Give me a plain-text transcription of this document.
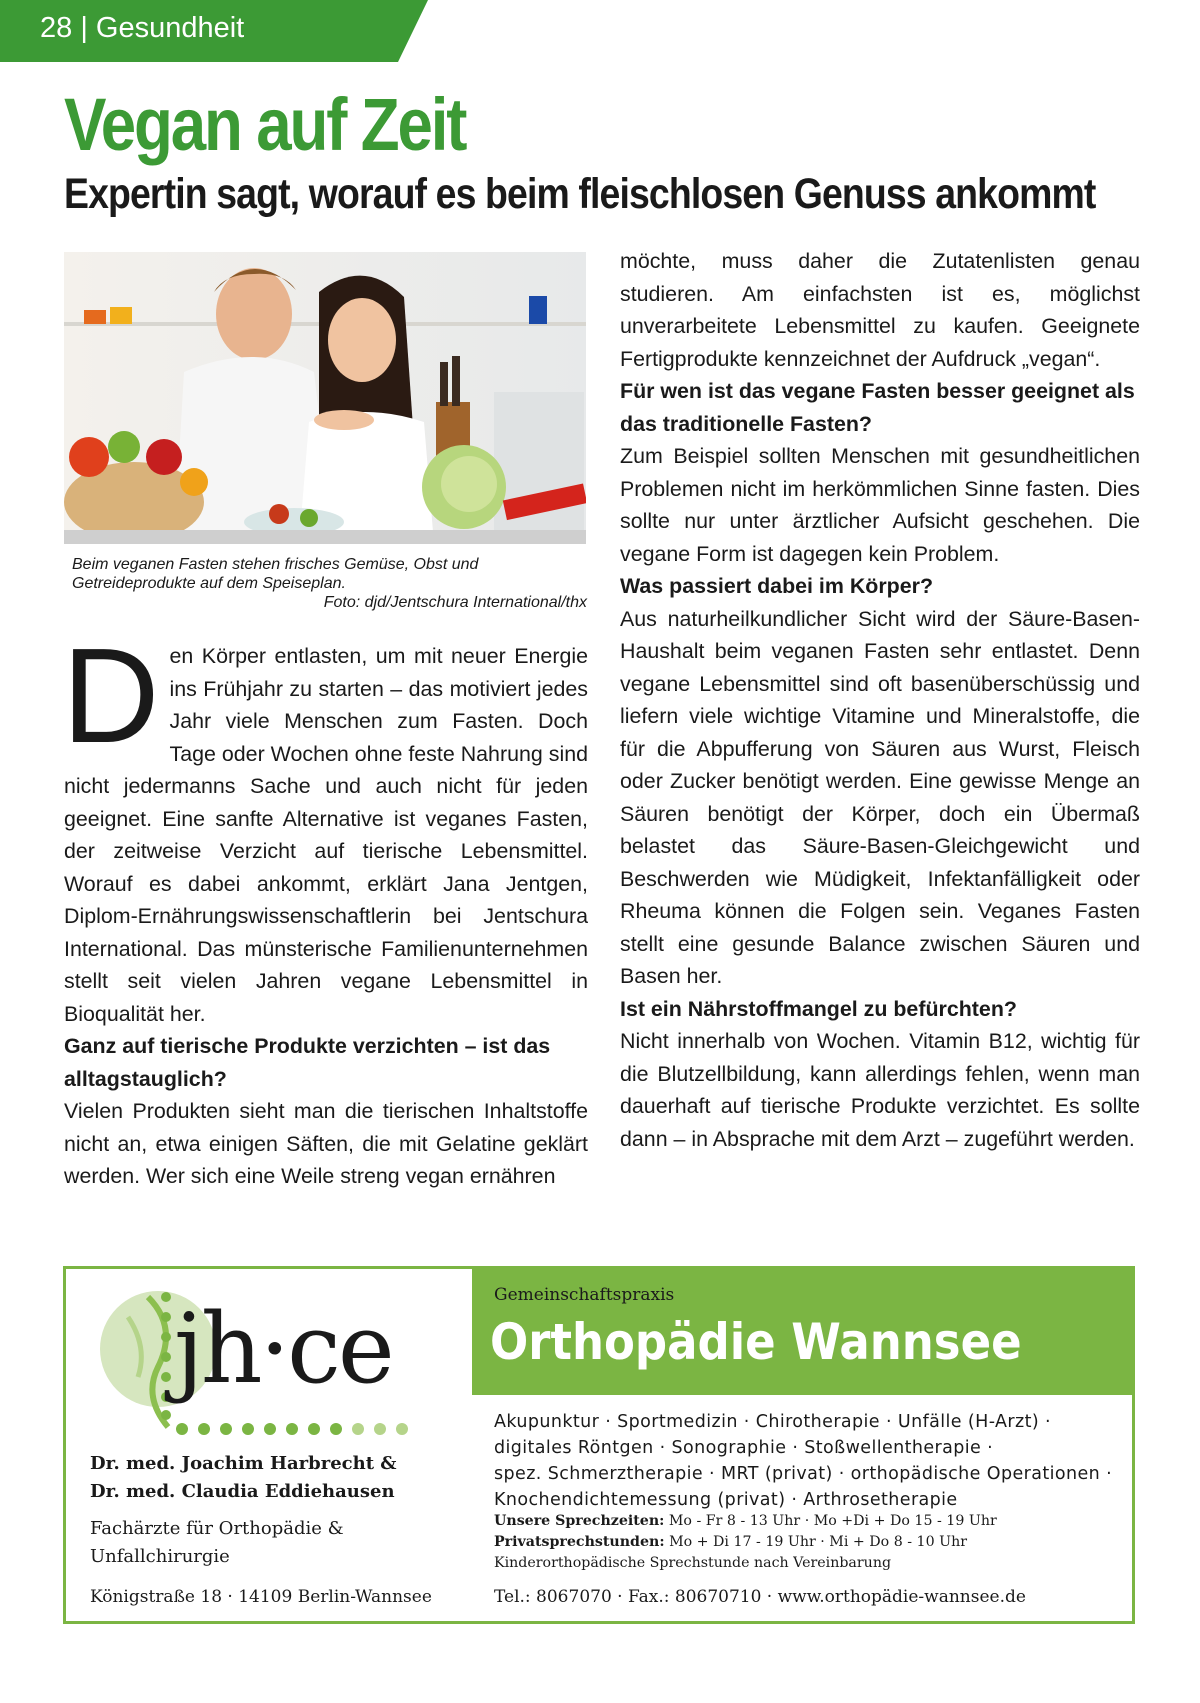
28 | Gesundheit
Vegan auf Zeit
Expertin sagt, worauf es beim fleischlosen Genuss ankommt
Beim veganen Fasten stehen frisches Gemüse, Obst und Getreideprodukte auf dem Speiseplan.
Foto: djd/Jentschura International/thx

Den Körper entlasten, um mit neuer Energie ins Frühjahr zu starten – das motiviert jedes Jahr viele Menschen zum Fasten. Doch Tage oder Wochen ohne feste Nahrung sind nicht jedermanns Sache und auch nicht für jeden geeignet. Eine sanfte Alternative ist veganes Fasten, der zeitweise Verzicht auf tierische Lebensmittel. Worauf es dabei ankommt, erklärt Jana Jentgen, Diplom-Ernährungswissenschaftlerin bei Jentschura International. Das münsterische Familienunternehmen stellt seit vielen Jahren vegane Lebensmittel in Bioqualität her.

Ganz auf tierische Produkte verzichten – ist das alltagstauglich?

Vielen Produkten sieht man die tierischen Inhaltstoffe nicht an, etwa einigen Säften, die mit Gelatine geklärt werden. Wer sich eine Weile streng vegan ernähren

möchte, muss daher die Zutatenlisten genau studieren. Am einfachsten ist es, möglichst unverarbeitete Lebensmittel zu kaufen. Geeignete Fertigprodukte kennzeichnet der Aufdruck „vegan“.

Für wen ist das vegane Fasten besser geeignet als das traditionelle Fasten?

Zum Beispiel sollten Menschen mit gesundheitlichen Problemen nicht im herkömmlichen Sinne fasten. Dies sollte nur unter ärztlicher Aufsicht geschehen. Die vegane Form ist dagegen kein Problem.

Was passiert dabei im Körper?

Aus naturheilkundlicher Sicht wird der Säure-Basen-Haushalt beim veganen Fasten sehr entlastet. Denn vegane Lebensmittel sind oft basenüberschüssig und liefern viele wichtige Vitamine und Mineralstoffe, die für die Abpufferung von Säuren aus Wurst, Fleisch oder Zucker benötigt werden. Eine gewisse Menge an Säuren benötigt der Körper, doch ein Übermaß belastet das Säure-Basen-Gleichgewicht und Beschwerden wie Müdigkeit, Infektanfälligkeit oder Rheuma können die Folgen sein. Veganes Fasten stellt eine gesunde Balance zwischen Säuren und Basen her.

Ist ein Nährstoffmangel zu befürchten?

Nicht innerhalb von Wochen. Vitamin B12, wichtig für die Blutzellbildung, kann allerdings fehlen, wenn man dauerhaft auf tierische Produkte verzichtet. Es sollte dann – in Absprache mit dem Arzt – zugeführt werden.

jh·ce
Dr. med. Joachim Harbrecht &
Dr. med. Claudia Eddiehausen
Fachärzte für Orthopädie &
Unfallchirurgie
Königstraße 18 · 14109 Berlin-Wannsee
Gemeinschaftspraxis
Orthopädie Wannsee
Akupunktur · Sportmedizin · Chirotherapie · Unfälle (H-Arzt) ·
digitales Röntgen · Sonographie · Stoßwellentherapie ·
spez. Schmerztherapie · MRT (privat) · orthopädische Operationen ·
Knochendichtemessung (privat) · Arthrosetherapie
Unsere Sprechzeiten: Mo - Fr 8 - 13 Uhr · Mo +Di + Do 15 - 19 Uhr
Privatsprechstunden: Mo + Di 17 - 19 Uhr · Mi + Do 8 - 10 Uhr
Kinderorthopädische Sprechstunde nach Vereinbarung
Tel.: 8067070 · Fax.: 80670710 · www.orthopädie-wannsee.de
